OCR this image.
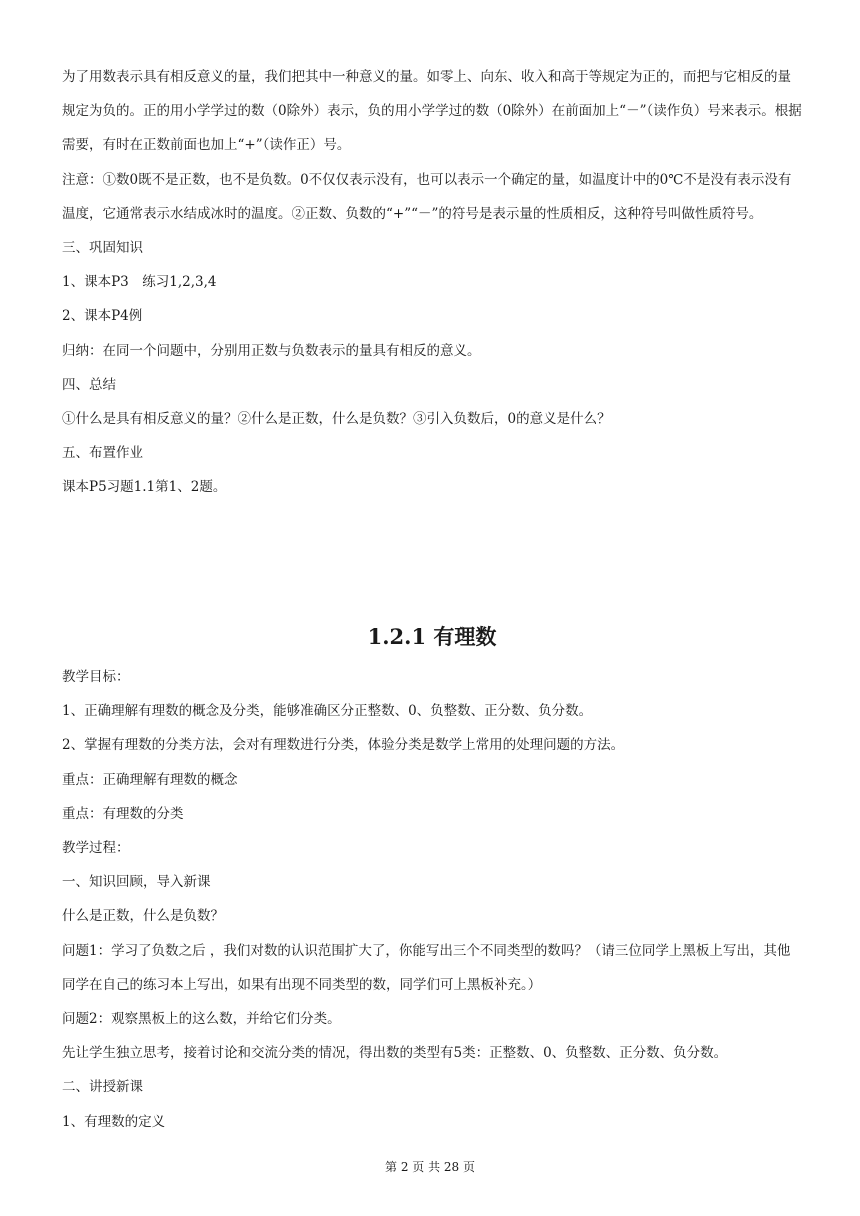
为了用数表示具有相反意义的量，我们把其中一种意义的量。如零上、向东、收入和高于等规定为正的，而把与它相反的量规定为负的。正的用小学学过的数（0除外）表示，负的用小学学过的数（0除外）在前面加上“－”（读作负）号来表示。根据需要，有时在正数前面也加上“+”（读作正）号。

注意：①数0既不是正数，也不是负数。0不仅仅表示没有，也可以表示一个确定的量，如温度计中的0℃不是没有表示没有温度，它通常表示水结成冰时的温度。②正数、负数的“+”“－”的符号是表示量的性质相反，这种符号叫做性质符号。

三、巩固知识

1、课本P3　练习1,2,3,4

2、课本P4例

归纳：在同一个问题中，分别用正数与负数表示的量具有相反的意义。

四、总结

①什么是具有相反意义的量？②什么是正数，什么是负数？③引入负数后，0的意义是什么？

五、布置作业

课本P5习题1.1第1、2题。

1.2.1 有理数

教学目标：

1、正确理解有理数的概念及分类，能够准确区分正整数、0、负整数、正分数、负分数。

2、掌握有理数的分类方法，会对有理数进行分类，体验分类是数学上常用的处理问题的方法。

重点：正确理解有理数的概念

重点：有理数的分类

教学过程：

一、知识回顾，导入新课

什么是正数，什么是负数？

问题1：学习了负数之后 ，我们对数的认识范围扩大了，你能写出三个不同类型的数吗？（请三位同学上黑板上写出，其他同学在自己的练习本上写出，如果有出现不同类型的数，同学们可上黑板补充。）

问题2：观察黑板上的这么数，并给它们分类。

先让学生独立思考，接着讨论和交流分类的情况，得出数的类型有5类：正整数、0、负整数、正分数、负分数。

二、讲授新课

1、有理数的定义

第 2 页 共 28 页
